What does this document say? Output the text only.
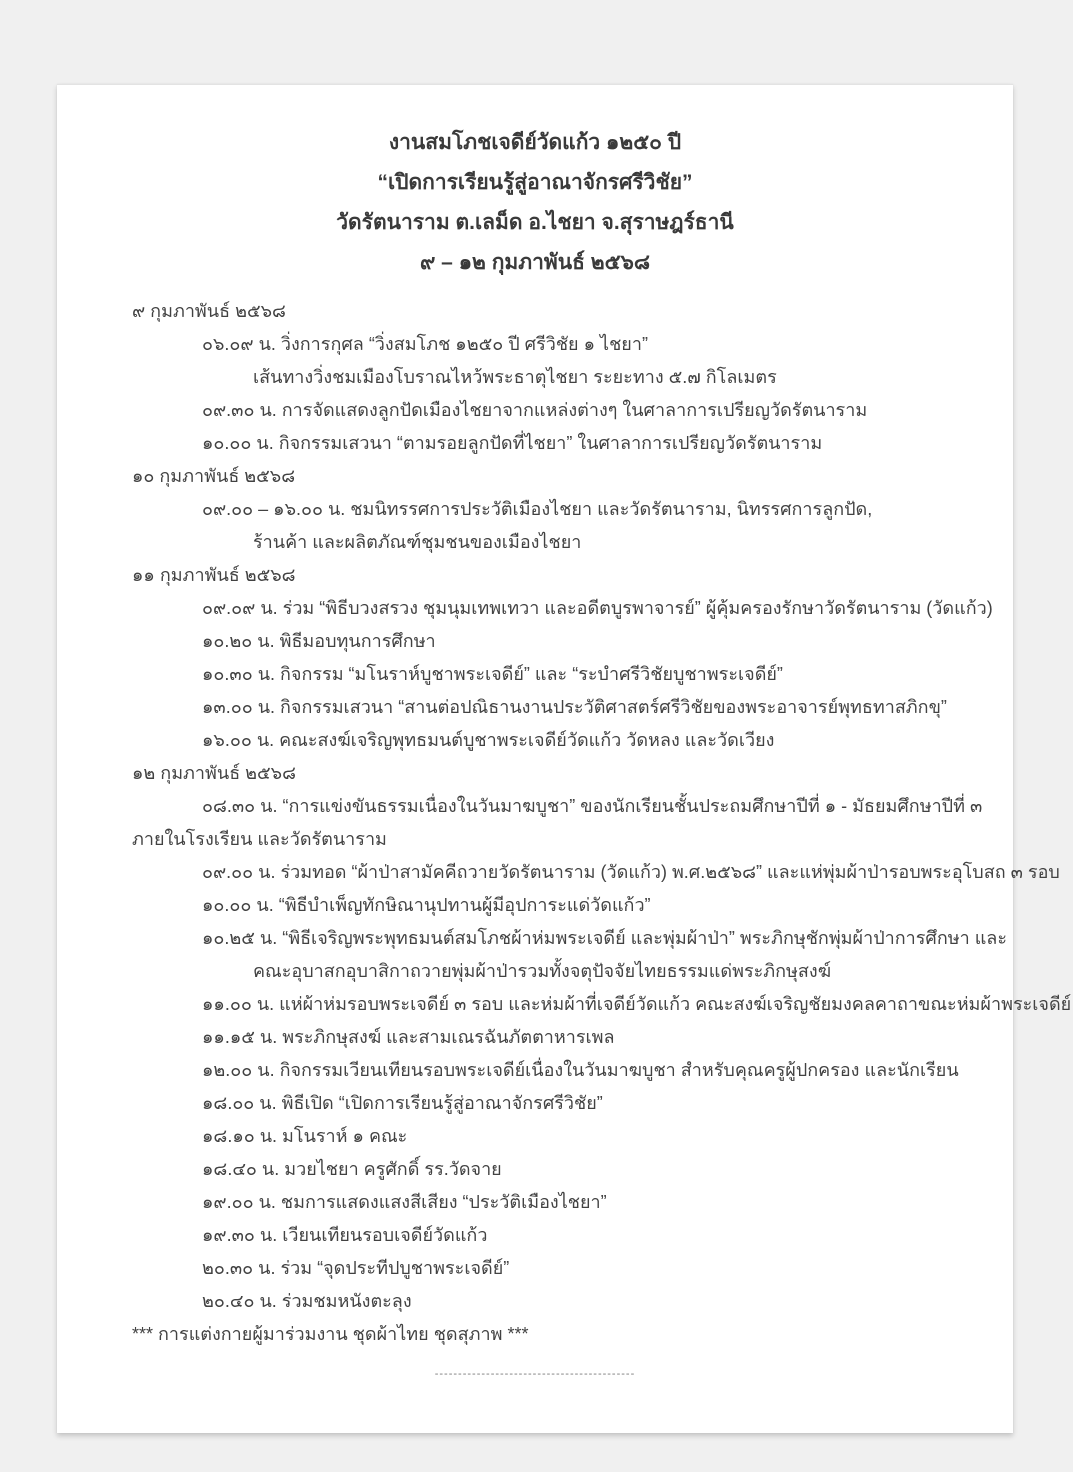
งานสมโภชเจดีย์วัดแก้ว ๑๒๕๐ ปี
“เปิดการเรียนรู้สู่อาณาจักรศรีวิชัย”
วัดรัตนาราม ต.เลม็ด อ.ไชยา จ.สุราษฎร์ธานี
๙ – ๑๒ กุมภาพันธ์ ๒๕๖๘
๙ กุมภาพันธ์ ๒๕๖๘
๐๖.๐๙ น. วิ่งการกุศล “วิ่งสมโภช ๑๒๕๐ ปี ศรีวิชัย ๑ ไชยา”
เส้นทางวิ่งชมเมืองโบราณไหว้พระธาตุไชยา ระยะทาง ๕.๗ กิโลเมตร
๐๙.๓๐ น. การจัดแสดงลูกปัดเมืองไชยาจากแหล่งต่างๆ ในศาลาการเปรียญวัดรัตนาราม
๑๐.๐๐ น. กิจกรรมเสวนา “ตามรอยลูกปัดที่ไชยา” ในศาลาการเปรียญวัดรัตนาราม
๑๐ กุมภาพันธ์ ๒๕๖๘
๐๙.๐๐ – ๑๖.๐๐ น. ชมนิทรรศการประวัติเมืองไชยา และวัดรัตนาราม, นิทรรศการลูกปัด,
ร้านค้า และผลิตภัณฑ์ชุมชนของเมืองไชยา
๑๑ กุมภาพันธ์ ๒๕๖๘
๐๙.๐๙ น. ร่วม “พิธีบวงสรวง ชุมนุมเทพเทวา และอดีตบูรพาจารย์” ผู้คุ้มครองรักษาวัดรัตนาราม (วัดแก้ว)
๑๐.๒๐ น. พิธีมอบทุนการศึกษา
๑๐.๓๐ น. กิจกรรม “มโนราห์บูชาพระเจดีย์” และ “ระบำศรีวิชัยบูชาพระเจดีย์”
๑๓.๐๐ น. กิจกรรมเสวนา “สานต่อปณิธานงานประวัติศาสตร์ศรีวิชัยของพระอาจารย์พุทธทาสภิกขุ”
๑๖.๐๐ น. คณะสงฆ์เจริญพุทธมนต์บูชาพระเจดีย์วัดแก้ว วัดหลง และวัดเวียง
๑๒ กุมภาพันธ์ ๒๕๖๘
๐๘.๓๐ น. “การแข่งขันธรรมเนื่องในวันมาฆบูชา” ของนักเรียนชั้นประถมศึกษาปีที่ ๑ - มัธยมศึกษาปีที่ ๓
ภายในโรงเรียน และวัดรัตนาราม
๐๙.๐๐ น. ร่วมทอด “ผ้าป่าสามัคคีถวายวัดรัตนาราม (วัดแก้ว) พ.ศ.๒๕๖๘” และแห่พุ่มผ้าป่ารอบพระอุโบสถ ๓ รอบ
๑๐.๐๐ น. “พิธีบำเพ็ญทักษิณานุปทานผู้มีอุปการะแด่วัดแก้ว”
๑๐.๒๕ น. “พิธีเจริญพระพุทธมนต์สมโภชผ้าห่มพระเจดีย์ และพุ่มผ้าป่า” พระภิกษุชักพุ่มผ้าป่าการศึกษา และ
คณะอุบาสกอุบาสิกาถวายพุ่มผ้าป่ารวมทั้งจตุปัจจัยไทยธรรมแด่พระภิกษุสงฆ์
๑๑.๐๐ น. แห่ผ้าห่มรอบพระเจดีย์ ๓ รอบ และห่มผ้าที่เจดีย์วัดแก้ว คณะสงฆ์เจริญชัยมงคลคาถาขณะห่มผ้าพระเจดีย์
๑๑.๑๕ น. พระภิกษุสงฆ์ และสามเณรฉันภัตตาหารเพล
๑๒.๐๐ น. กิจกรรมเวียนเทียนรอบพระเจดีย์เนื่องในวันมาฆบูชา สำหรับคุณครูผู้ปกครอง และนักเรียน
๑๘.๐๐ น. พิธีเปิด “เปิดการเรียนรู้สู่อาณาจักรศรีวิชัย”
๑๘.๑๐ น. มโนราห์ ๑ คณะ
๑๘.๔๐ น. มวยไชยา ครูศักดิ์ รร.วัดจาย
๑๙.๐๐ น. ชมการแสดงแสงสีเสียง “ประวัติเมืองไชยา”
๑๙.๓๐ น. เวียนเทียนรอบเจดีย์วัดแก้ว
๒๐.๓๐ น. ร่วม “จุดประทีปบูชาพระเจดีย์”
๒๐.๔๐ น. ร่วมชมหนังตะลุง
*** การแต่งกายผู้มาร่วมงาน ชุดผ้าไทย ชุดสุภาพ ***
-------------------------------------------
